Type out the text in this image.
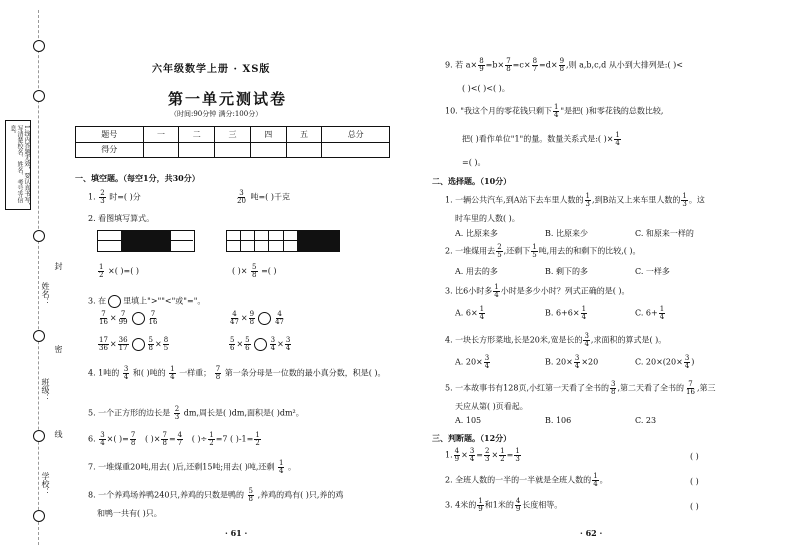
1.线内答题无效，要认真书写，写清楚校名、姓名、考号等信息。
封
密
线
姓名：
班级：
学校：
六年级数学上册 · XS版
第一单元测试卷
（时间:90分钟 满分:100分）
题号	一	二	三	四	五	总分
得分						
一、填空题。（每空1分，共30分）
1. $\frac{2}{3}$ 时=( )分	$\frac{3}{20}$ 吨=( )千克
2. 看图填写算式。
$\frac{1}{2}$ ×( )=( )	( )× $\frac{5}{8}$ =( )
3. 在 里填上">""<"或"="。
$\frac{7}{16} \times \frac{7}{99}$	$\frac{7}{16}$	$\frac{4}{47} \times \frac{9}{8}$	$\frac{4}{47}$
$\frac{17}{36} \times \frac{36}{17}$	$\frac{5}{8} \times \frac{8}{5}$	$\frac{5}{6} \times \frac{5}{6}$	$\frac{3}{4} \times \frac{3}{4}$
4. 1吨的 $\frac{3}{4}$ 和( )吨的 $\frac{1}{4}$ 一样重； $\frac{7}{8}$ 第一条分母是一位数的最小真分数，积是( )。
5. 一个正方形的边长是 $\frac{2}{3}$ dm,周长是( )dm,面积是( )dm²。
6. $\frac{3}{4}$ ×( )= $\frac{7}{8}$ ( )× $\frac{7}{8} = \frac{4}{7}$ ( )÷ $\frac{1}{2} =7$ ( )$-1= \frac{1}{2}$
7. 一堆煤重20吨,用去( )后,还剩15吨;用去( )吨,还剩 $\frac{1}{4}$ 。
8. 一个养鸡场养鸭240只,养鸡的只数是鸭的 $\frac{5}{8}$ ,养鸡的鸡有( )只,养的鸡
和鸭一共有( )只。
· 61 ·
9. 若 $a\times \frac{8}{9} =b\times \frac{7}{8} =c\times \frac{8}{7} =d\times \frac{9}{8}$ ,则 a,b,c,d 从小到大排列是:( )<
( )<( )<( )。
10. "我这个月的零花钱只剩下 $\frac{1}{4}$ "是把( )和零花钱的总数比较,
把( )看作单位"1"的量。数量关系式是:( )× $\frac{1}{4}$
=( )。
二、选择题。（10分）
1. 一辆公共汽车,到A站下去车里人数的 $\frac{1}{3}$ ,到B站又上来车里人数的 $\frac{1}{3}$ 。这
时车里的人数( )。
A. 比原来多	B. 比原来少	C. 和原来一样的
2. 一堆煤用去 $\frac{2}{5}$ ,还剩下 $\frac{1}{5}$ 吨,用去的和剩下的比较,( )。
A. 用去的多	B. 剩下的多	C. 一样多
3. 比6小时多 $\frac{1}{4}$ 小时是多少小时？列式正确的是( )。
A. $6\times \frac{1}{4}$	B. $6+6\times \frac{1}{4}$	C. $6+ \frac{1}{4}$
4. 一块长方形菜地,长是20米,宽是长的 $\frac{3}{4}$ ,求面积的算式是( )。
A. $20\times \frac{3}{4}$	B. $20\times \frac{3}{4} \times 20$	C. $20\times(20\times \frac{3}{4}$ )
5. 一本故事书有128页,小红第一天看了全书的 $\frac{3}{8}$ ,第二天看了全书的 $\frac{7}{16}$ ,第三
天应从第( )页看起。
A. 105	B. 106	C. 23
三、判断题。（12分）
1. $\frac{4}{9} \times \frac{3}{4} = \frac{2}{3} \times \frac{1}{2} = \frac{1}{3}$	( )
2. 全班人数的一半的一半就是全班人数的 $\frac{1}{4}$ 。	( )
3. 4米的 $\frac{1}{9}$ 和1米的 $\frac{4}{9}$ 长度相等。	( )
· 62 ·
